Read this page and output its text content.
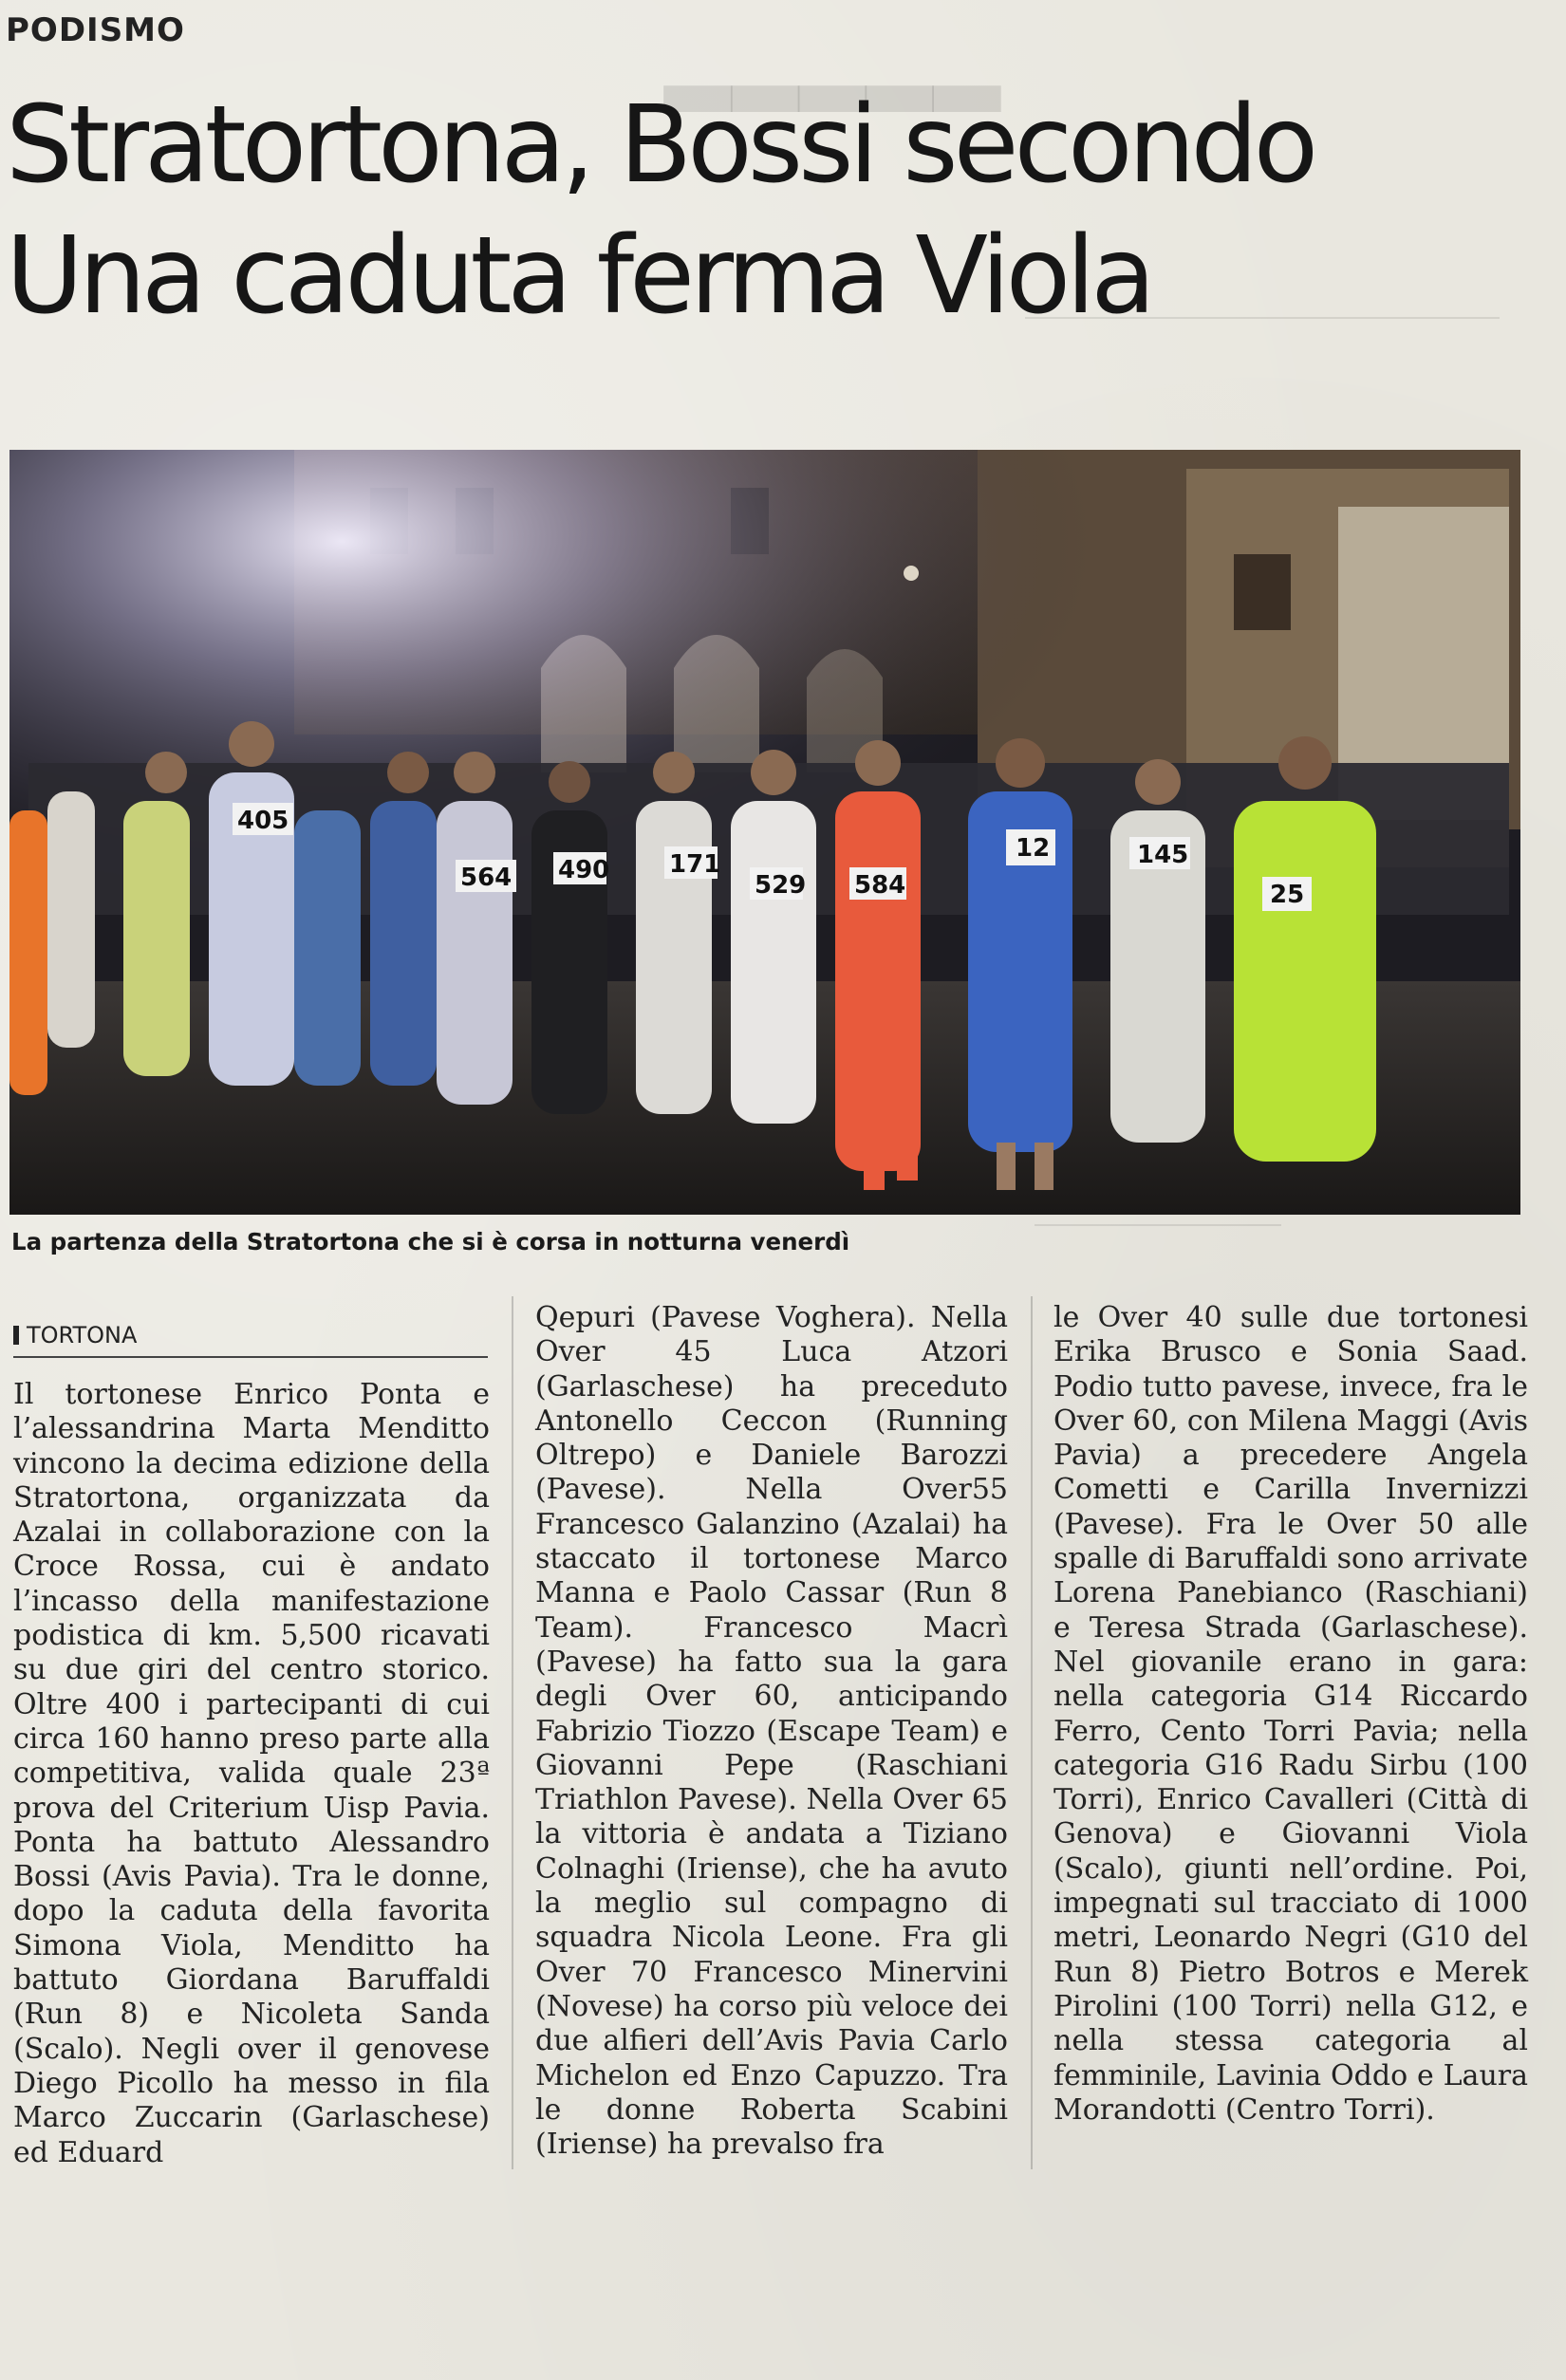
▂▂▂▂▂
PODISMO
Stratortona, Bossi secondo
Una caduta ferma Viola
405
564 490 171
529 584
12	145
25
La partenza della Stratortona che si è corsa in notturna venerdì
TORTONA

Il tortonese Enrico Ponta e l’alessandrina Marta Menditto vincono la decima edizione della Stratortona, organizzata da Azalai in collaborazione con la Croce Rossa, cui è andato l’incasso della manifestazione podistica di km. 5,500 ricavati su due giri del centro storico. Oltre 400 i partecipanti di cui circa 160 hanno preso parte alla competitiva, valida quale 23ª prova del Criterium Uisp Pavia. Ponta ha battuto Alessandro Bossi (Avis Pavia). Tra le donne, dopo la caduta della favorita Simona Viola, Menditto ha battuto Giordana Baruffaldi (Run 8) e Nicoleta Sanda (Scalo). Negli over il genovese Diego Picollo ha messo in fila Marco Zuccarin (Garlaschese) ed Eduard

Qepuri (Pavese Voghera). Nella Over 45 Luca Atzori (Garlaschese) ha preceduto Antonello Ceccon (Running Oltrepo) e Daniele Barozzi (Pavese). Nella Over55 Francesco Galanzino (Azalai) ha staccato il tortonese Marco Manna e Paolo Cassar (Run 8 Team). Francesco Macrì (Pavese) ha fatto sua la gara degli Over 60, anticipando Fabrizio Tiozzo (Escape Team) e Giovanni Pepe (Raschiani Triathlon Pavese). Nella Over 65 la vittoria è andata a Tiziano Colnaghi (Iriense), che ha avuto la meglio sul compagno di squadra Nicola Leone. Fra gli Over 70 Francesco Minervini (Novese) ha corso più veloce dei due alfieri dell’Avis Pavia Carlo Michelon ed Enzo Capuzzo. Tra le donne Roberta Scabini (Iriense) ha prevalso fra

le Over 40 sulle due tortonesi Erika Brusco e Sonia Saad. Podio tutto pavese, invece, fra le Over 60, con Milena Maggi (Avis Pavia) a precedere Angela Cometti e Carilla Invernizzi (Pavese). Fra le Over 50 alle spalle di Baruffaldi sono arrivate Lorena Panebianco (Raschiani) e Teresa Strada (Garlaschese). Nel giovanile erano in gara: nella categoria G14 Riccardo Ferro, Cento Torri Pavia; nella categoria G16 Radu Sirbu (100 Torri), Enrico Cavalleri (Città di Genova) e Giovanni Viola (Scalo), giunti nell’ordine. Poi, impegnati sul tracciato di 1000 metri, Leonardo Negri (G10 del Run 8) Pietro Botros e Merek Pirolini (100 Torri) nella G12, e nella stessa categoria al femminile, Lavinia Oddo e Laura Morandotti (Centro Torri).
